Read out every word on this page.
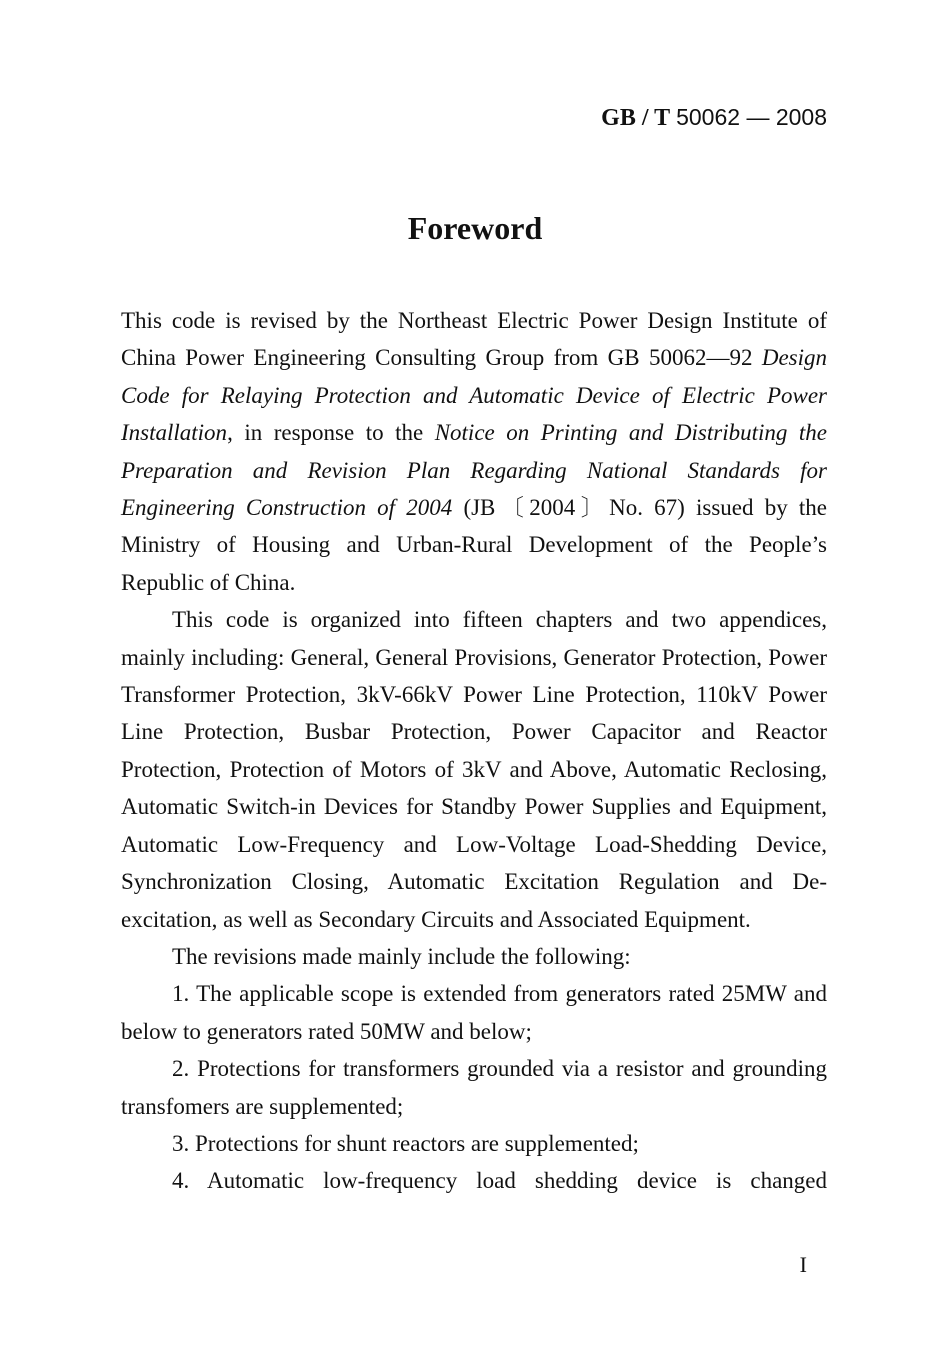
GB / T 50062 — 2008
Foreword

This code is revised by the Northeast Electric Power Design Institute of China Power Engineering Consulting Group from GB 50062—92 Design Code for Relaying Protection and Automatic Device of Electric Power Installation, in response to the Notice on Printing and Distributing the Preparation and Revision Plan Regarding National Standards for Engineering Construction of 2004 (JB〔2004〕No. 67) issued by the Ministry of Housing and Urban-Rural Development of the People’s Republic of China.

This code is organized into fifteen chapters and two appendices, mainly including: General, General Provisions, Generator Protection, Power Transformer Protection, 3kV-66kV Power Line Protection, 110kV Power Line Protection, Busbar Protection, Power Capacitor and Reactor Protection, Protection of Motors of 3kV and Above, Automatic Reclosing, Automatic Switch-in Devices for Standby Power Supplies and Equipment, Automatic Low-Frequency and Low-Voltage Load-Shedding Device, Synchronization Closing, Automatic Excitation Regulation and De-excitation, as well as Secondary Circuits and Associated Equipment.

The revisions made mainly include the following:

1. The applicable scope is extended from generators rated 25MW and below to generators rated 50MW and below;

2. Protections for transformers grounded via a resistor and grounding transfomers are supplemented;

3. Protections for shunt reactors are supplemented;

4. Automatic low-frequency load shedding device is changed

I
